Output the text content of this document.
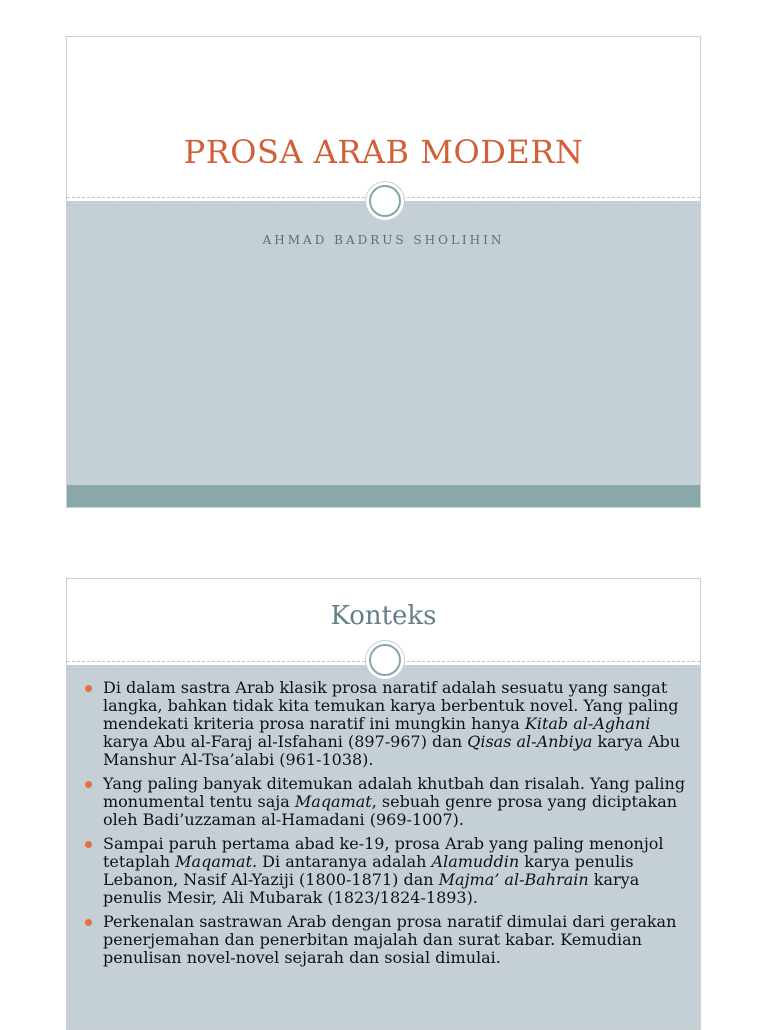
PROSA ARAB MODERN
AHMAD BADRUS SHOLIHIN
Konteks
Di dalam sastra Arab klasik prosa naratif adalah sesuatu yang sangat langka, bahkan tidak kita temukan karya berbentuk novel. Yang paling mendekati kriteria prosa naratif ini mungkin hanya Kitab al-Aghani karya Abu al-Faraj al-Isfahani (897-967) dan Qisas al-Anbiya karya Abu Manshur Al-Tsa’alabi (961-1038).
Yang paling banyak ditemukan adalah khutbah dan risalah. Yang paling monumental tentu saja Maqamat, sebuah genre prosa yang diciptakan oleh Badi’uzzaman al-Hamadani (969-1007).
Sampai paruh pertama abad ke-19, prosa Arab yang paling menonjol tetaplah Maqamat. Di antaranya adalah Alamuddin karya penulis Lebanon, Nasif Al-Yaziji (1800-1871) dan Majma’ al-Bahrain karya penulis Mesir, Ali Mubarak (1823/1824-1893).
Perkenalan sastrawan Arab dengan prosa naratif dimulai dari gerakan penerjemahan dan penerbitan majalah dan surat kabar. Kemudian penulisan novel-novel sejarah dan sosial dimulai.
